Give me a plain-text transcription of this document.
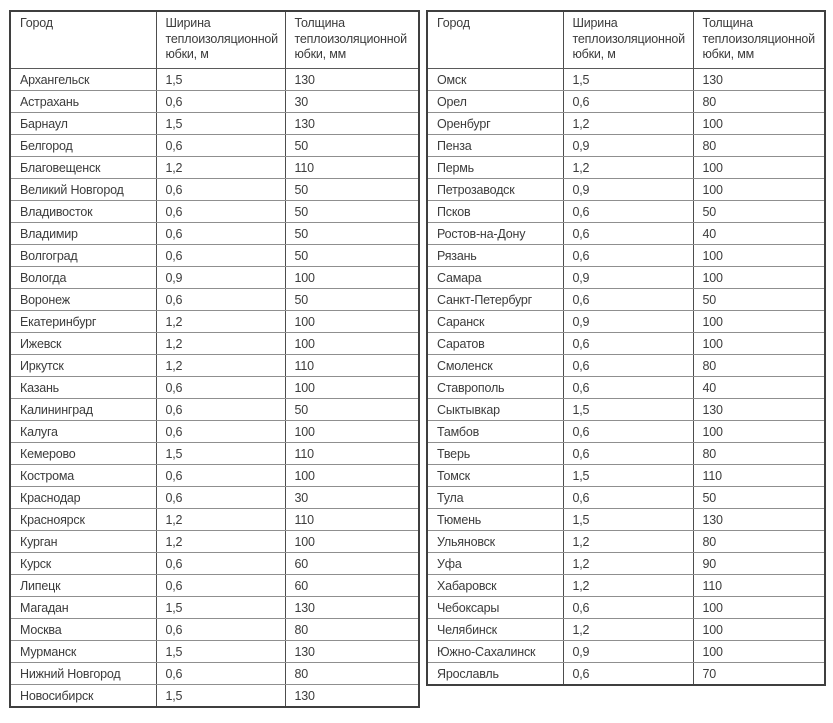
Город	Ширина теплоизоляционной юбки, м	Толщина теплоизоляционной юбки, мм
Архангельск	1,5	130
Астрахань	0,6	30
Барнаул	1,5	130
Белгород	0,6	50
Благовещенск	1,2	110
Великий Новгород	0,6	50
Владивосток	0,6	50
Владимир	0,6	50
Волгоград	0,6	50
Вологда	0,9	100
Воронеж	0,6	50
Екатеринбург	1,2	100
Ижевск	1,2	100
Иркутск	1,2	110
Казань	0,6	100
Калининград	0,6	50
Калуга	0,6	100
Кемерово	1,5	110
Кострома	0,6	100
Краснодар	0,6	30
Красноярск	1,2	110
Курган	1,2	100
Курск	0,6	60
Липецк	0,6	60
Магадан	1,5	130
Москва	0,6	80
Мурманск	1,5	130
Нижний Новгород	0,6	80
Новосибирск	1,5	130
Город	Ширина теплоизоляционной юбки, м	Толщина теплоизоляционной юбки, мм
Омск	1,5	130
Орел	0,6	80
Оренбург	1,2	100
Пенза	0,9	80
Пермь	1,2	100
Петрозаводск	0,9	100
Псков	0,6	50
Ростов-на-Дону	0,6	40
Рязань	0,6	100
Самара	0,9	100
Санкт-Петербург	0,6	50
Саранск	0,9	100
Саратов	0,6	100
Смоленск	0,6	80
Ставрополь	0,6	40
Сыктывкар	1,5	130
Тамбов	0,6	100
Тверь	0,6	80
Томск	1,5	110
Тула	0,6	50
Тюмень	1,5	130
Ульяновск	1,2	80
Уфа	1,2	90
Хабаровск	1,2	110
Чебоксары	0,6	100
Челябинск	1,2	100
Южно-Сахалинск	0,9	100
Ярославль	0,6	70
